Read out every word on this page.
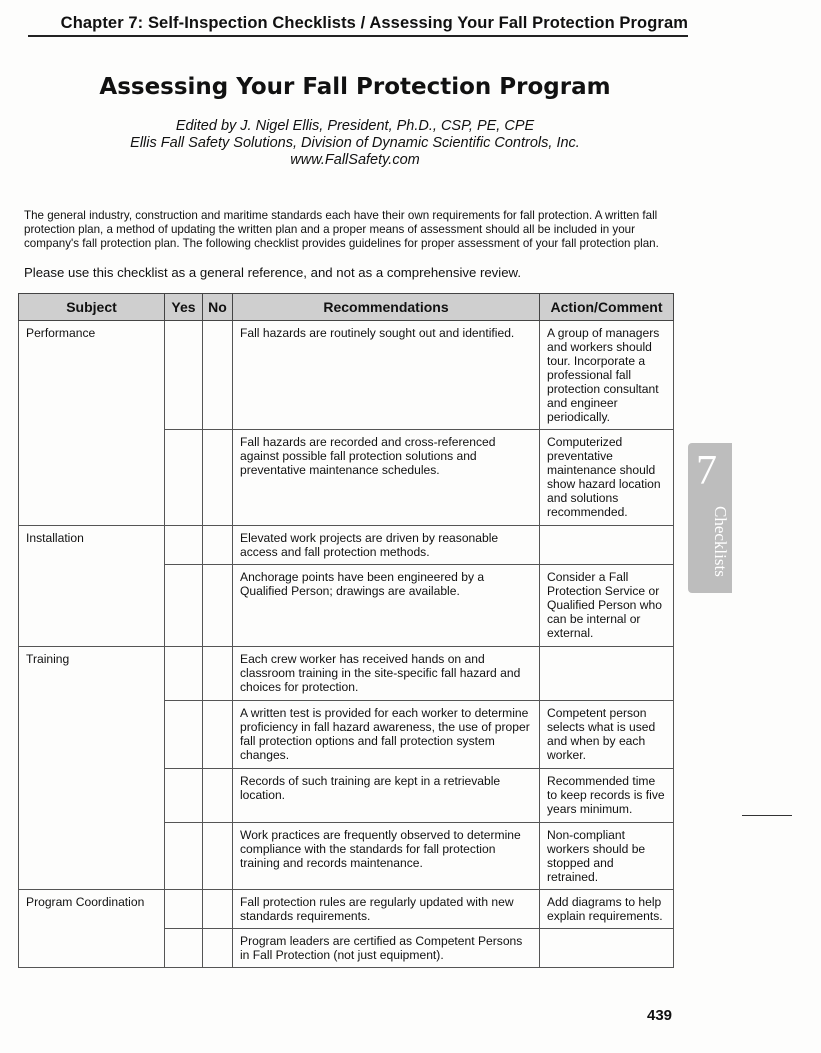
Chapter 7: Self-Inspection Checklists / Assessing Your Fall Protection Program
Assessing Your Fall Protection Program
Edited by J. Nigel Ellis, President, Ph.D., CSP, PE, CPE
Ellis Fall Safety Solutions, Division of Dynamic Scientific Controls, Inc.
www.FallSafety.com
The general industry, construction and maritime standards each have their own requirements for fall protection. A written fall protection plan, a method of updating the written plan and a proper means of assessment should all be included in your company's fall protection plan. The following checklist provides guidelines for proper assessment of your fall protection plan.
Please use this checklist as a general reference, and not as a comprehensive review.
Subject	Yes	No	Recommendations	Action/Comment
Performance			Fall hazards are routinely sought out and identified.	A group of managers and workers should tour. Incorporate a professional fall protection consultant and engineer periodically.
			Fall hazards are recorded and cross-referenced against possible fall protection solutions and preventative maintenance schedules.	Computerized preventative maintenance should show hazard location and solutions recommended.
Installation			Elevated work projects are driven by reasonable access and fall protection methods.	
			Anchorage points have been engineered by a Qualified Person; drawings are available.	Consider a Fall Protection Service or Qualified Person who can be internal or external.
Training			Each crew worker has received hands on and classroom training in the site-specific fall hazard and choices for protection.	
			A written test is provided for each worker to determine proficiency in fall hazard awareness, the use of proper fall protection options and fall protection system changes.	Competent person selects what is used and when by each worker.
			Records of such training are kept in a retrievable location.	Recommended time to keep records is five years minimum.
			Work practices are frequently observed to determine compliance with the standards for fall protection training and records maintenance.	Non-compliant workers should be stopped and retrained.
Program Coordination			Fall protection rules are regularly updated with new standards requirements.	Add diagrams to help explain requirements.
			Program leaders are certified as Competent Persons in Fall Protection (not just equipment).	
7
Checklists
439
